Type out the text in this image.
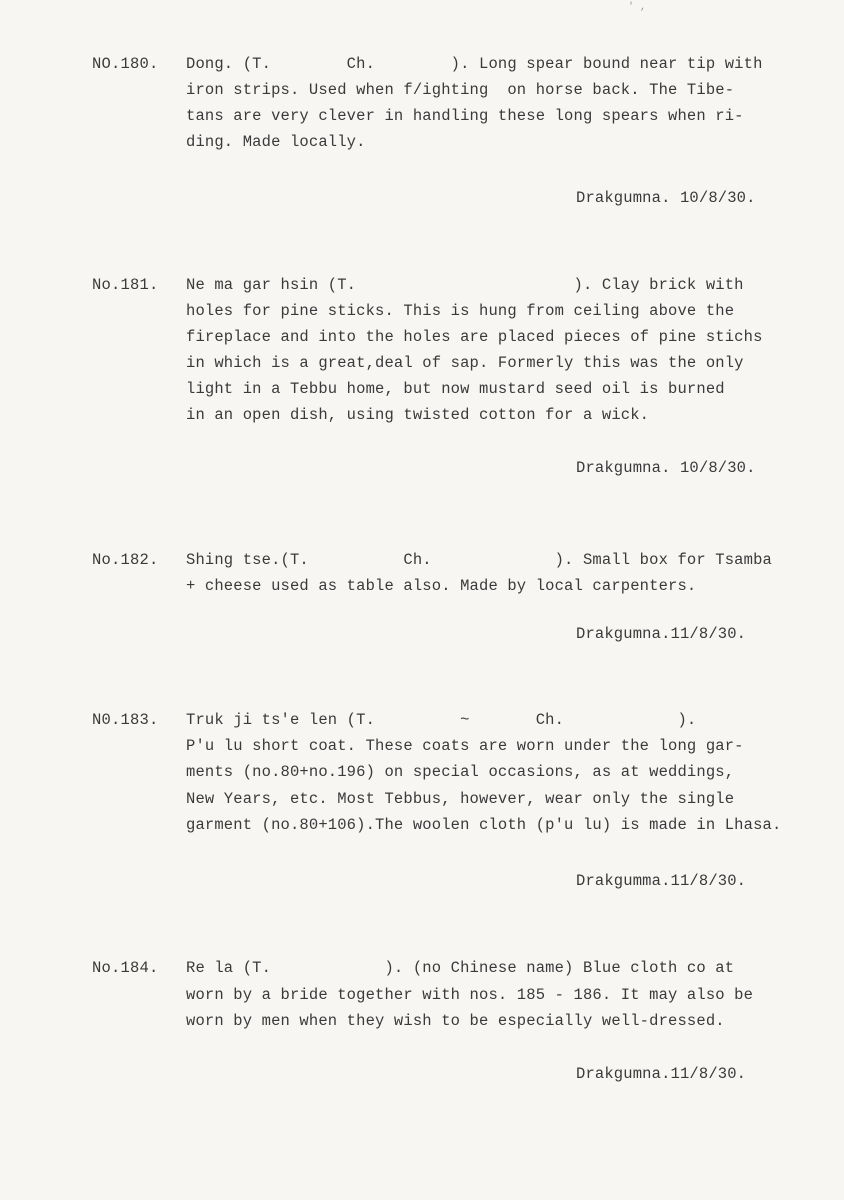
' ,
NO.180. Dong. (T.        Ch.        ). Long spear bound near tip with
iron strips. Used when f/ighting  on horse back. The Tibe-
tans are very clever in handling these long spears when ri-
ding. Made locally.
Drakgumna. 10/8/30.
No.181. Ne ma gar hsin (T.                       ). Clay brick with
holes for pine sticks. This is hung from ceiling above the
fireplace and into the holes are placed pieces of pine stichs
in which is a great,deal of sap. Formerly this was the only
light in a Tebbu home, but now mustard seed oil is burned
in an open dish, using twisted cotton for a wick.
Drakgumna. 10/8/30.
No.182. Shing tse.(T.          Ch.             ). Small box for Tsamba
+ cheese used as table also. Made by local carpenters.
Drakgumna.11/8/30.
N0.183. Truk ji ts'e len (T.         ~       Ch.            ).
P'u lu short coat. These coats are worn under the long gar-
ments (no.80+no.196) on special occasions, as at weddings,
New Years, etc. Most Tebbus, however, wear only the single
garment (no.80+106).The woolen cloth (p'u lu) is made in Lhasa.
Drakgumma.11/8/30.
No.184. Re la (T.            ). (no Chinese name) Blue cloth co at
worn by a bride together with nos. 185 - 186. It may also be
worn by men when they wish to be especially well-dressed.
Drakgumna.11/8/30.
